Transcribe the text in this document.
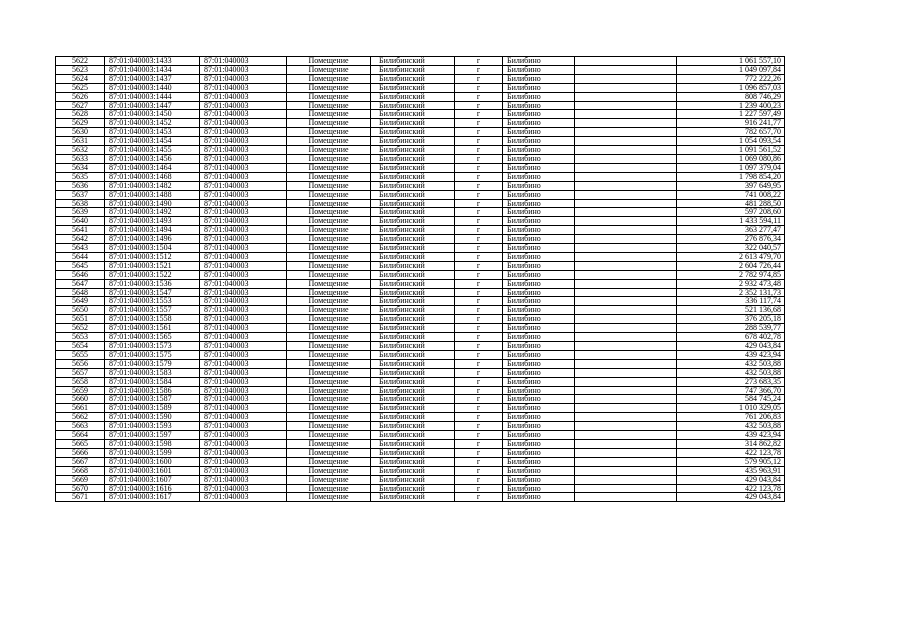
5622	87:01:040003:1433	87:01:040003	Помещение	Билибинский	г	Билибино		1 061 557,10
5623	87:01:040003:1434	87:01:040003	Помещение	Билибинский	г	Билибино		1 049 097,84
5624	87:01:040003:1437	87:01:040003	Помещение	Билибинский	г	Билибино		772 222,26
5625	87:01:040003:1440	87:01:040003	Помещение	Билибинский	г	Билибино		1 096 857,03
5626	87:01:040003:1444	87:01:040003	Помещение	Билибинский	г	Билибино		808 746,29
5627	87:01:040003:1447	87:01:040003	Помещение	Билибинский	г	Билибино		1 239 400,23
5628	87:01:040003:1450	87:01:040003	Помещение	Билибинский	г	Билибино		1 227 597,49
5629	87:01:040003:1452	87:01:040003	Помещение	Билибинский	г	Билибино		916 241,77
5630	87:01:040003:1453	87:01:040003	Помещение	Билибинский	г	Билибино		782 657,70
5631	87:01:040003:1454	87:01:040003	Помещение	Билибинский	г	Билибино		1 054 093,54
5632	87:01:040003:1455	87:01:040003	Помещение	Билибинский	г	Билибино		1 091 561,52
5633	87:01:040003:1456	87:01:040003	Помещение	Билибинский	г	Билибино		1 069 080,86
5634	87:01:040003:1464	87:01:040003	Помещение	Билибинский	г	Билибино		1 097 379,04
5635	87:01:040003:1468	87:01:040003	Помещение	Билибинский	г	Билибино		1 798 854,20
5636	87:01:040003:1482	87:01:040003	Помещение	Билибинский	г	Билибино		397 649,95
5637	87:01:040003:1488	87:01:040003	Помещение	Билибинский	г	Билибино		741 008,22
5638	87:01:040003:1490	87:01:040003	Помещение	Билибинский	г	Билибино		481 288,50
5639	87:01:040003:1492	87:01:040003	Помещение	Билибинский	г	Билибино		597 208,60
5640	87:01:040003:1493	87:01:040003	Помещение	Билибинский	г	Билибино		1 433 594,11
5641	87:01:040003:1494	87:01:040003	Помещение	Билибинский	г	Билибино		363 277,47
5642	87:01:040003:1496	87:01:040003	Помещение	Билибинский	г	Билибино		276 876,34
5643	87:01:040003:1504	87:01:040003	Помещение	Билибинский	г	Билибино		322 040,57
5644	87:01:040003:1512	87:01:040003	Помещение	Билибинский	г	Билибино		2 613 479,70
5645	87:01:040003:1521	87:01:040003	Помещение	Билибинский	г	Билибино		2 604 726,44
5646	87:01:040003:1522	87:01:040003	Помещение	Билибинский	г	Билибино		2 782 974,85
5647	87:01:040003:1536	87:01:040003	Помещение	Билибинский	г	Билибино		2 932 473,48
5648	87:01:040003:1547	87:01:040003	Помещение	Билибинский	г	Билибино		2 352 131,73
5649	87:01:040003:1553	87:01:040003	Помещение	Билибинский	г	Билибино		336 117,74
5650	87:01:040003:1557	87:01:040003	Помещение	Билибинский	г	Билибино		521 136,68
5651	87:01:040003:1558	87:01:040003	Помещение	Билибинский	г	Билибино		376 205,18
5652	87:01:040003:1561	87:01:040003	Помещение	Билибинский	г	Билибино		288 539,77
5653	87:01:040003:1565	87:01:040003	Помещение	Билибинский	г	Билибино		678 402,78
5654	87:01:040003:1573	87:01:040003	Помещение	Билибинский	г	Билибино		429 043,84
5655	87:01:040003:1575	87:01:040003	Помещение	Билибинский	г	Билибино		439 423,94
5656	87:01:040003:1579	87:01:040003	Помещение	Билибинский	г	Билибино		432 503,88
5657	87:01:040003:1583	87:01:040003	Помещение	Билибинский	г	Билибино		432 503,88
5658	87:01:040003:1584	87:01:040003	Помещение	Билибинский	г	Билибино		273 683,35
5659	87:01:040003:1586	87:01:040003	Помещение	Билибинский	г	Билибино		747 366,70
5660	87:01:040003:1587	87:01:040003	Помещение	Билибинский	г	Билибино		584 745,24
5661	87:01:040003:1589	87:01:040003	Помещение	Билибинский	г	Билибино		1 010 329,05
5662	87:01:040003:1590	87:01:040003	Помещение	Билибинский	г	Билибино		761 206,83
5663	87:01:040003:1593	87:01:040003	Помещение	Билибинский	г	Билибино		432 503,88
5664	87:01:040003:1597	87:01:040003	Помещение	Билибинский	г	Билибино		439 423,94
5665	87:01:040003:1598	87:01:040003	Помещение	Билибинский	г	Билибино		314 862,82
5666	87:01:040003:1599	87:01:040003	Помещение	Билибинский	г	Билибино		422 123,78
5667	87:01:040003:1600	87:01:040003	Помещение	Билибинский	г	Билибино		579 905,12
5668	87:01:040003:1601	87:01:040003	Помещение	Билибинский	г	Билибино		435 963,91
5669	87:01:040003:1607	87:01:040003	Помещение	Билибинский	г	Билибино		429 043,84
5670	87:01:040003:1616	87:01:040003	Помещение	Билибинский	г	Билибино		422 123,78
5671	87:01:040003:1617	87:01:040003	Помещение	Билибинский	г	Билибино		429 043,84
